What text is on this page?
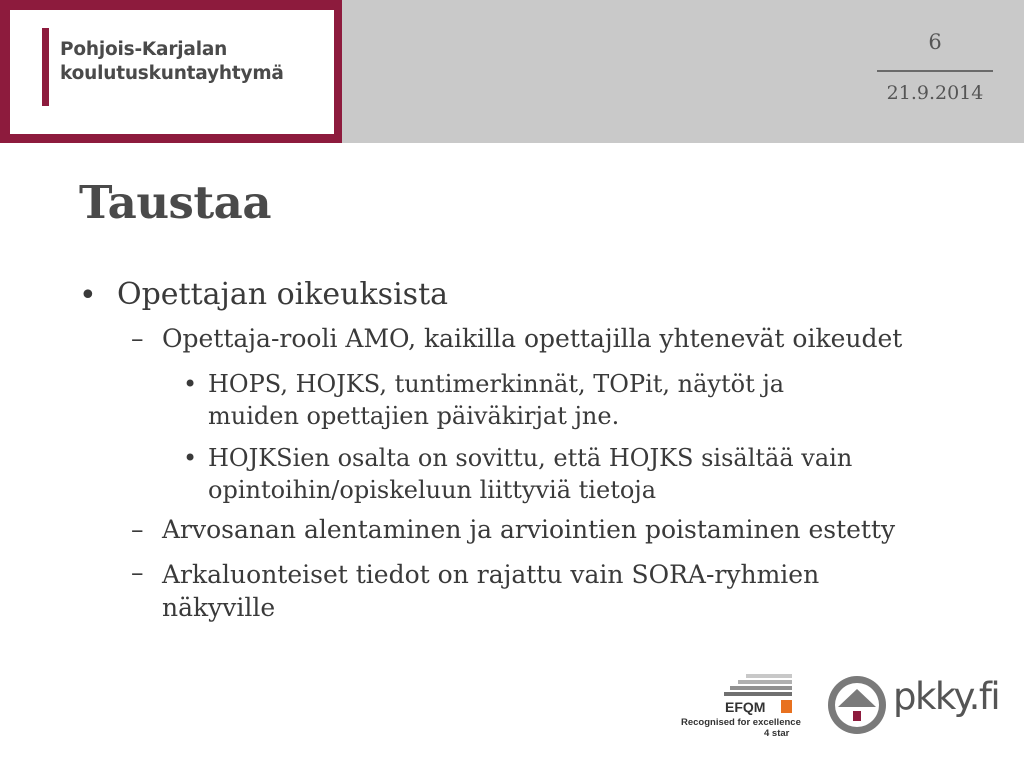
Pohjois-Karjalan
koulutuskuntayhtymä
6
21.9.2014
Taustaa
• Opettajan oikeuksista
– Opettaja-rooli AMO, kaikilla opettajilla yhtenevät oikeudet
• HOPS, HOJKS, tuntimerkinnät, TOPit, näytöt ja
muiden opettajien päiväkirjat jne.
• HOJKSien osalta on sovittu, että HOJKS sisältää vain
opintoihin/opiskeluun liittyviä tietoja
– Arvosanan alentaminen ja arviointien poistaminen estetty
– Arkaluonteiset tiedot on rajattu vain SORA-ryhmien
näkyville
EFQM
Recognised for excellence
4 star
pkky.fi
